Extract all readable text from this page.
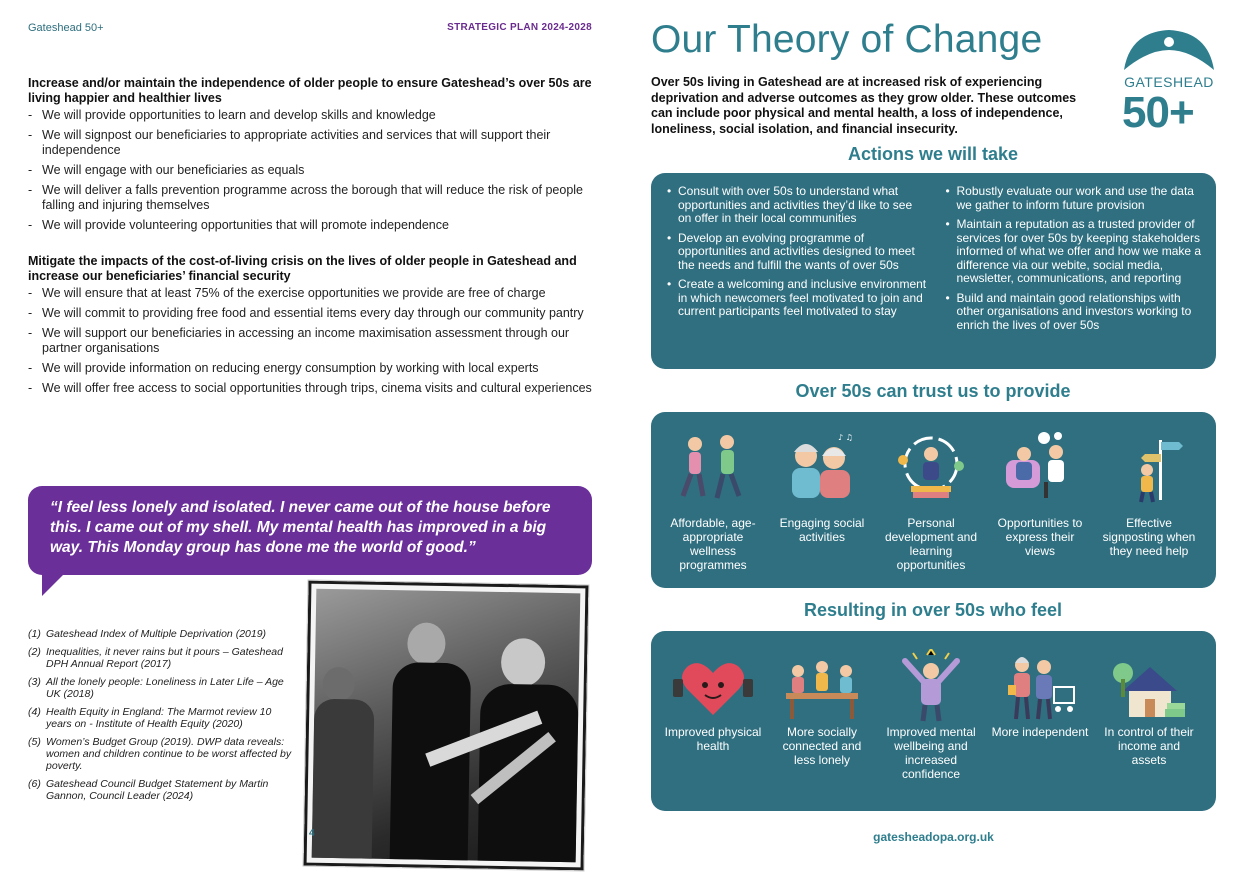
Gateshead 50+	STRATEGIC PLAN 2024-2028
Increase and/or maintain the independence of older people to ensure Gateshead’s over 50s are living happier and healthier lives
- We will provide opportunities to learn and develop skills and knowledge
- We will signpost our beneficiaries to appropriate activities and services that will support their independence
- We will engage with our beneficiaries as equals
- We will deliver a falls prevention programme across the borough that will reduce the risk of people falling and injuring themselves
- We will provide volunteering opportunities that will promote independence
Mitigate the impacts of the cost-of-living crisis on the lives of older people in Gateshead and increase our beneficiaries’ financial security
- We will ensure that at least 75% of the exercise opportunities we provide are free of charge
- We will commit to providing free food and essential items every day through our community pantry
- We will support our beneficiaries in accessing an income maximisation assessment through our partner organisations
- We will provide information on reducing energy consumption by working with local experts
- We will offer free access to social opportunities through trips, cinema visits and cultural experiences

“I feel less lonely and isolated. I never came out of the house before this. I came out of my shell. My mental health has improved in a big way. This Monday group has done me the world of good.”

(1) Gateshead Index of Multiple Deprivation (2019)
(2) Inequalities, it never rains but it pours – Gateshead DPH Annual Report (2017)
(3) All the lonely people: Loneliness in Later Life – Age UK (2018)
(4) Health Equity in England: The Marmot review 10 years on - Institute of Health Equity (2020)
(5) Women’s Budget Group (2019). DWP data reveals: women and children continue to be worst affected by poverty.
(6) Gateshead Council Budget Statement by Martin Gannon, Council Leader (2024)
4
Our Theory of Change

Over 50s living in Gateshead are at increased risk of experiencing deprivation and adverse outcomes as they grow older. These outcomes can include poor physical and mental health, a loss of independence, loneliness, social isolation, and financial insecurity.

GATESHEAD
50+
Actions we will take
• Consult with over 50s to understand what opportunities and activities they’d like to see on offer in their local communities
• Develop an evolving programme of opportunities and activities designed to meet the needs and fulfill the wants of over 50s
• Create a welcoming and inclusive environment in which newcomers feel motivated to join and current participants feel motivated to stay
• Robustly evaluate our work and use the data we gather to inform future provision
• Maintain a reputation as a trusted provider of services for over 50s by keeping stakeholders informed of what we offer and how we make a difference via our webite, social media, newsletter, communications, and reporting
• Build and maintain good relationships with other organisations and investors working to enrich the lives of over 50s
Over 50s can trust us to provide
Affordable, age-appropriate wellness programmes
♪ ♫
Engaging social activities
Personal development and learning opportunities
Opportunities to express their views
Effective signposting when they need help
Resulting in over 50s who feel
Improved physical health
More socially connected and less lonely
Improved mental wellbeing and increased confidence
More independent	In control of their income and assets
gatesheadopa.org.uk
